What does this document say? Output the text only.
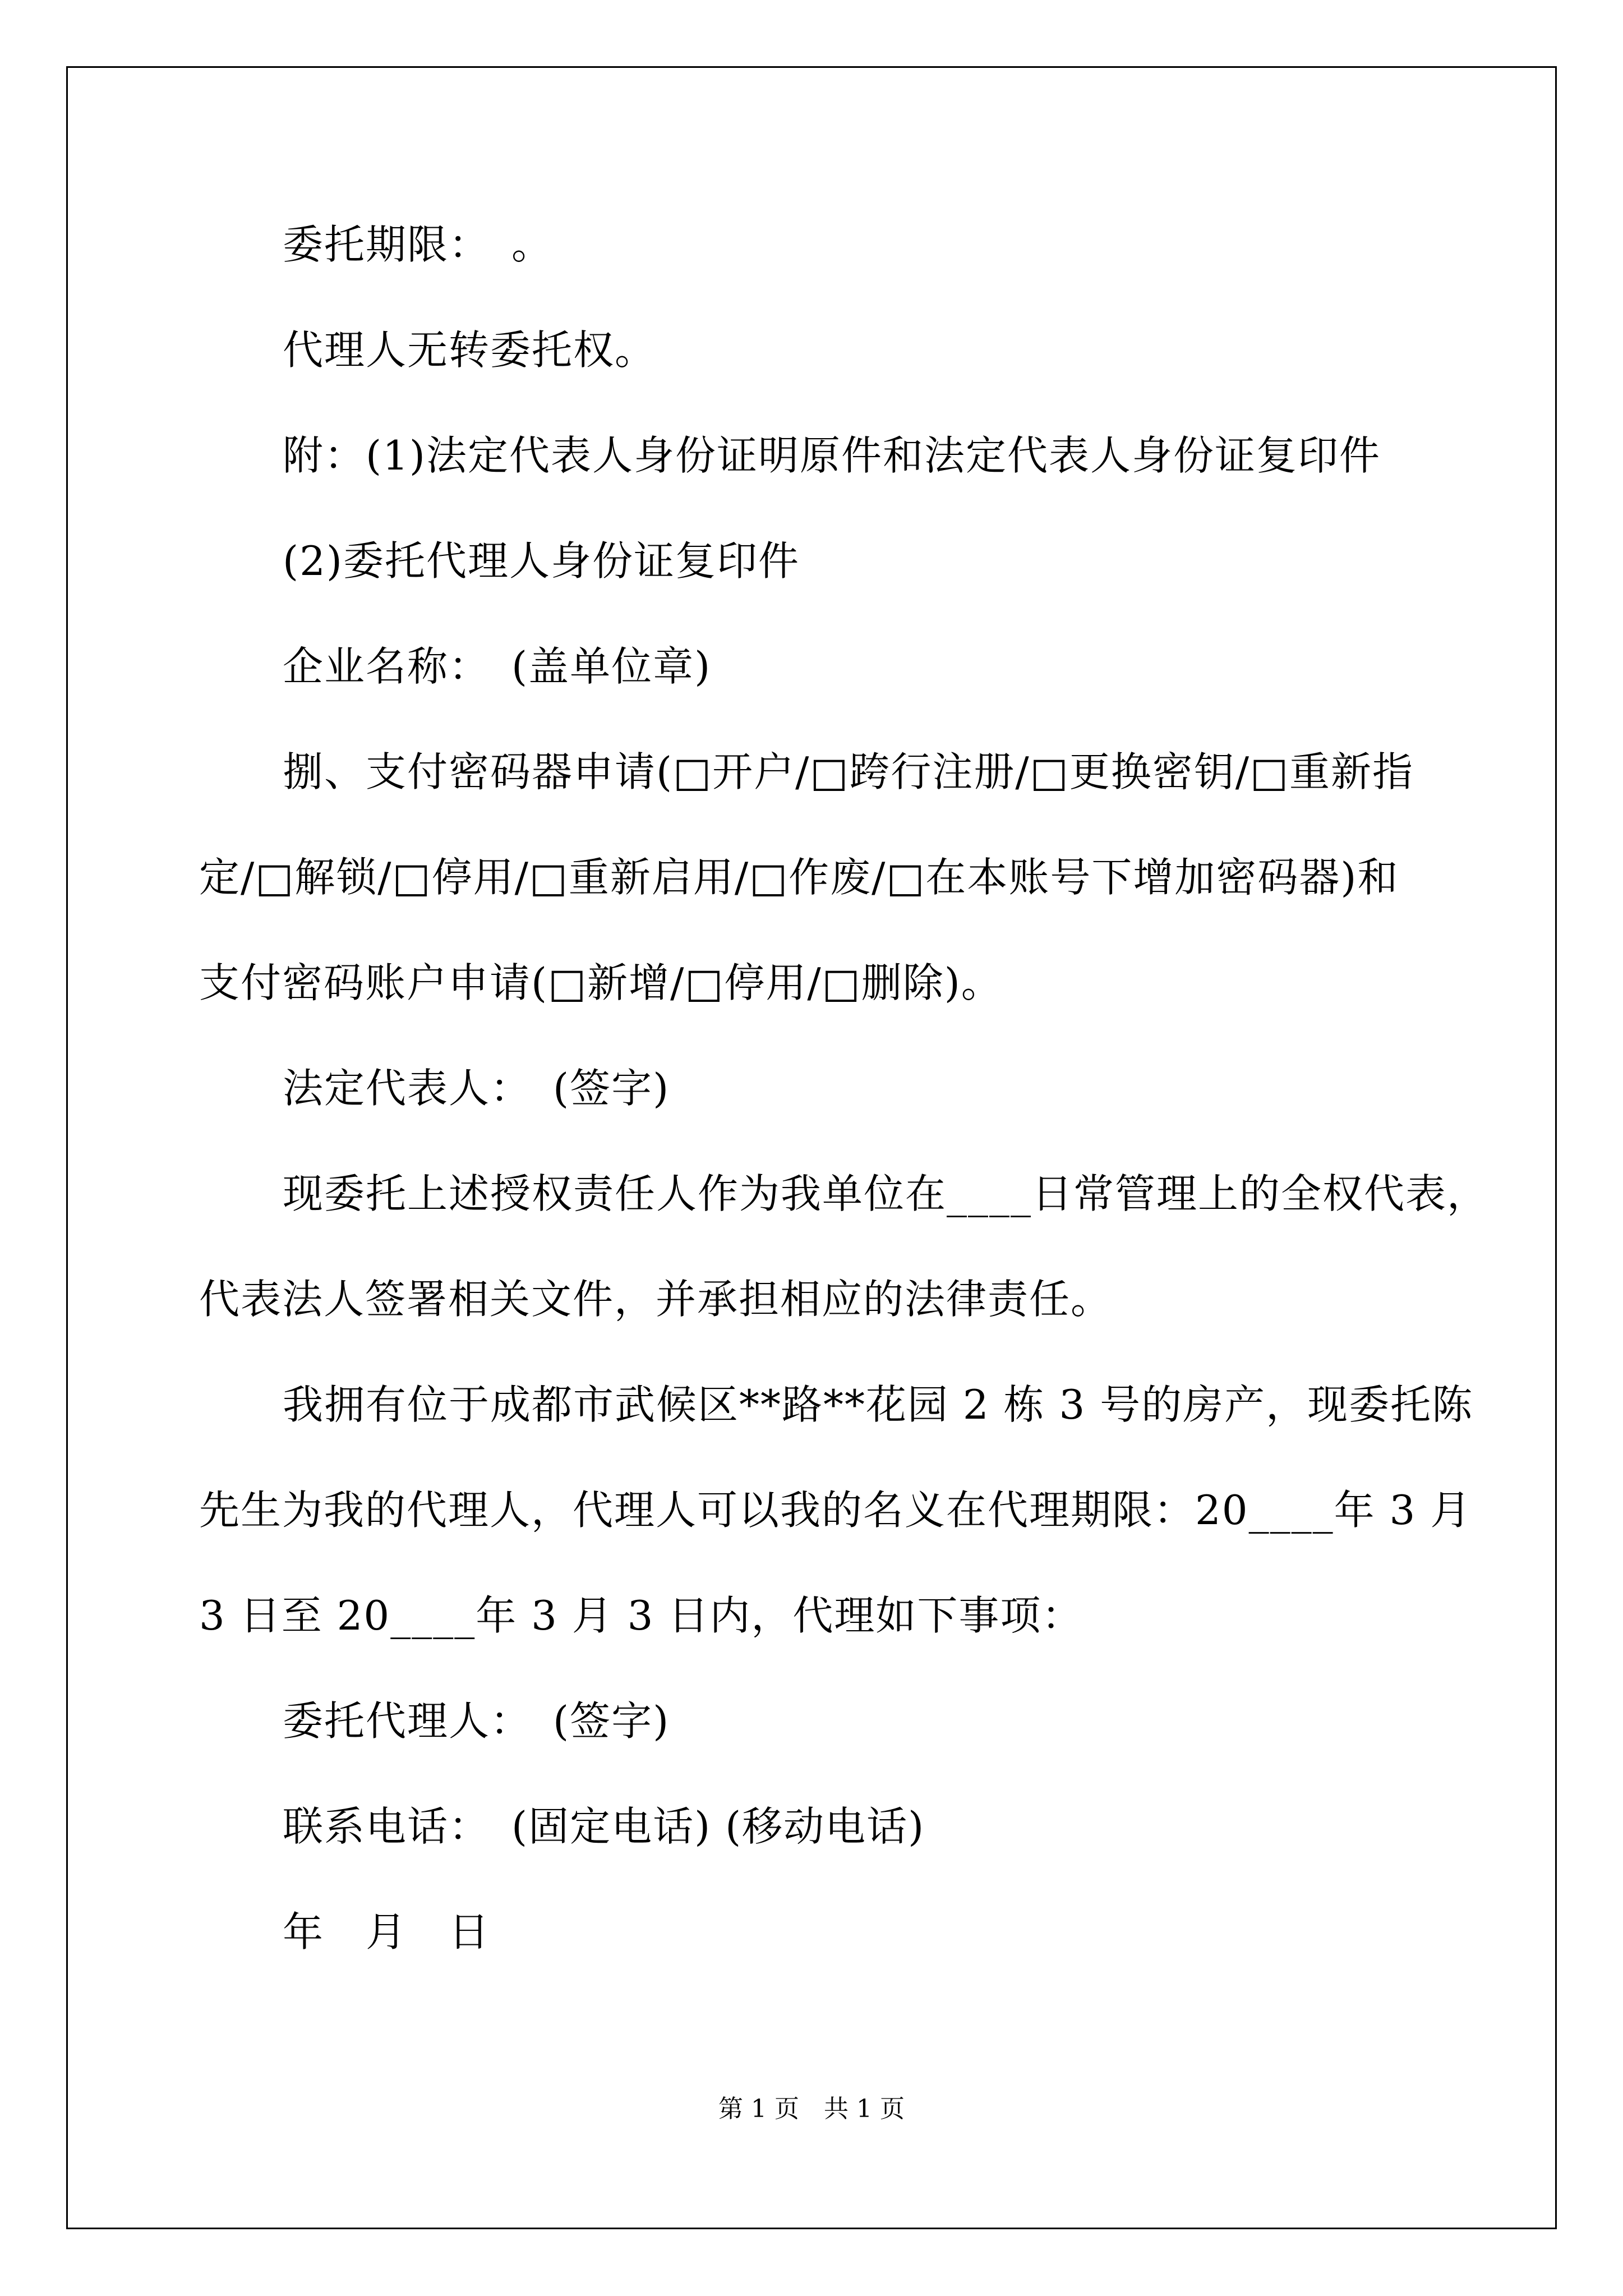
委托期限：　。
代理人无转委托权。
附：(1)法定代表人身份证明原件和法定代表人身份证复印件
(2)委托代理人身份证复印件
企业名称：　(盖单位章)
捌、支付密码器申请(□开户/□跨行注册/□更换密钥/□重新指
定/□解锁/□停用/□重新启用/□作废/□在本账号下增加密码器)和
支付密码账户申请(□新增/□停用/□删除)。
法定代表人：　(签字)
现委托上述授权责任人作为我单位在____日常管理上的全权代表，
代表法人签署相关文件，并承担相应的法律责任。
我拥有位于成都市武候区**路**花园 2 栋 3 号的房产，现委托陈
先生为我的代理人，代理人可以我的名义在代理期限：20____年 3 月
3 日至 20____年 3 月 3 日内，代理如下事项：
委托代理人：　(签字)
联系电话：　(固定电话) (移动电话)
年　月　日
第 1 页　共 1 页
